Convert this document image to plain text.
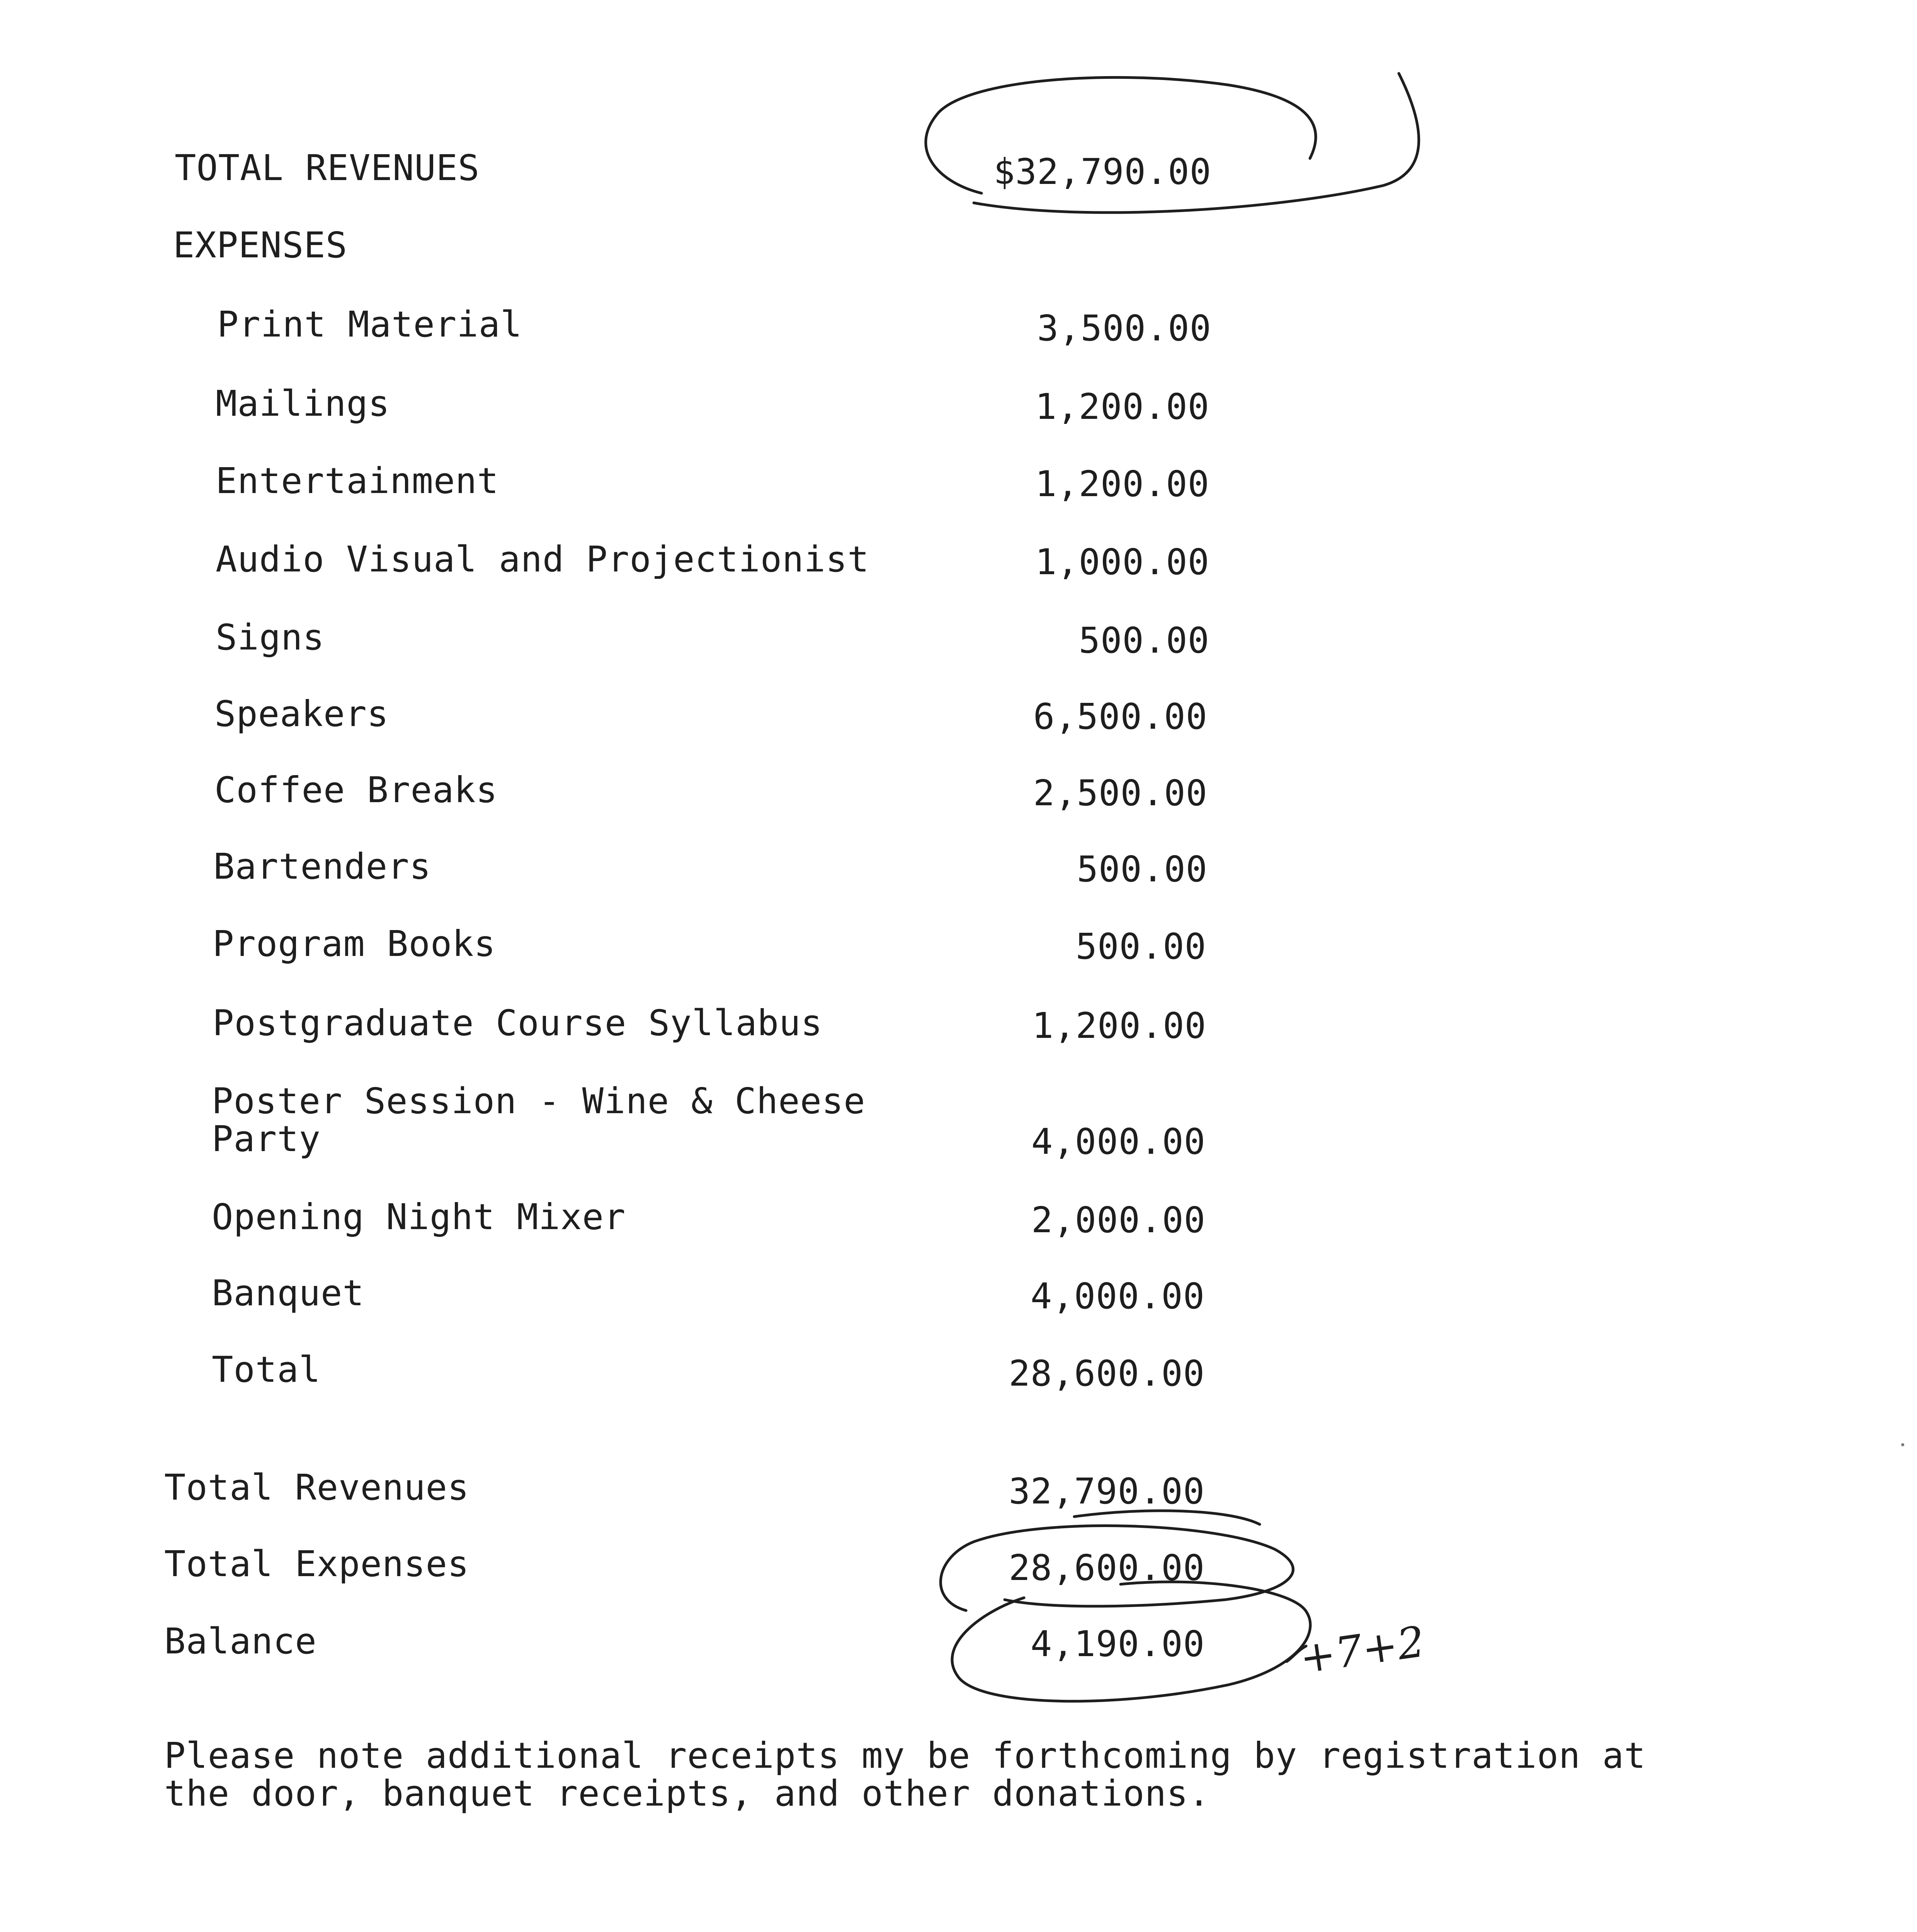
TOTAL REVENUES	$32,790.00
EXPENSES
Print Material	3,500.00
Mailings	1,200.00
Entertainment	1,200.00
Audio Visual and Projectionist	1,000.00
Signs	500.00
Speakers	6,500.00
Coffee Breaks	2,500.00
Bartenders	500.00
Program Books	500.00
Postgraduate Course Syllabus	1,200.00
Poster Session - Wine & Cheese
Party	4,000.00
Opening Night Mixer	2,000.00
Banquet	4,000.00
Total	28,600.00
Total Revenues	32,790.00
Total Expenses	28,600.00
Balance	4,190.00
Please note additional receipts my be forthcoming by registration at the door, banquet receipts, and other donations.
+7+2
